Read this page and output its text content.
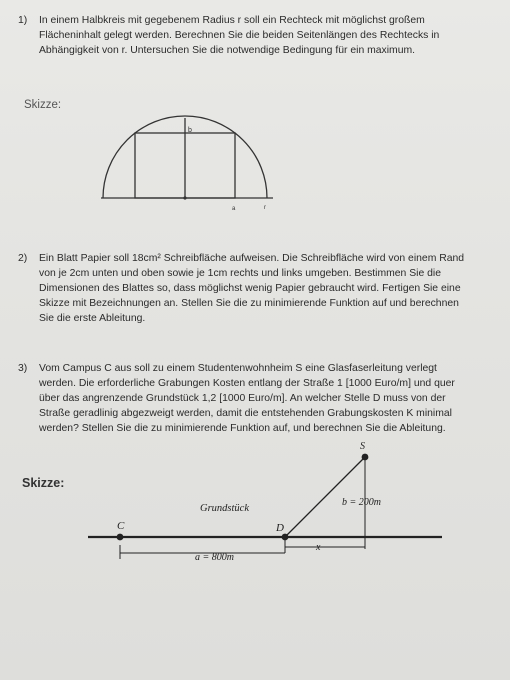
1)	In einem Halbkreis mit gegebenem Radius r soll ein Rechteck mit möglichst großem
Flächeninhalt gelegt werden. Berechnen Sie die beiden Seitenlängen des Rechtecks in
Abhängigkeit von r. Untersuchen Sie die notwendige Bedingung für ein maximum.
Skizze:
b
a	r
2)	Ein Blatt Papier soll 18cm² Schreibfläche aufweisen. Die Schreibfläche wird von einem Rand
von je 2cm unten und oben sowie je 1cm rechts und links umgeben. Bestimmen Sie die
Dimensionen des Blattes so, dass möglichst wenig Papier gebraucht wird. Fertigen Sie eine
Skizze mit Bezeichnungen an. Stellen Sie die zu minimierende Funktion auf und berechnen
Sie die erste Ableitung.
3)	Vom Campus C aus soll zu einem Studentenwohnheim S eine Glasfaserleitung verlegt
werden. Die erforderliche Grabungen Kosten entlang der Straße 1 [1000 Euro/m] und quer
über das angrenzende Grundstück 1,2 [1000 Euro/m]. An welcher Stelle D muss von der
Straße geradlinig abgezweigt werden, damit die entstehenden Grabungskosten K minimal
werden? Stellen Sie die zu minimierende Funktion auf, und berechnen Sie die Ableitung.
Skizze:
S
C	D
Grundstück
b = 200m
x
a = 800m
